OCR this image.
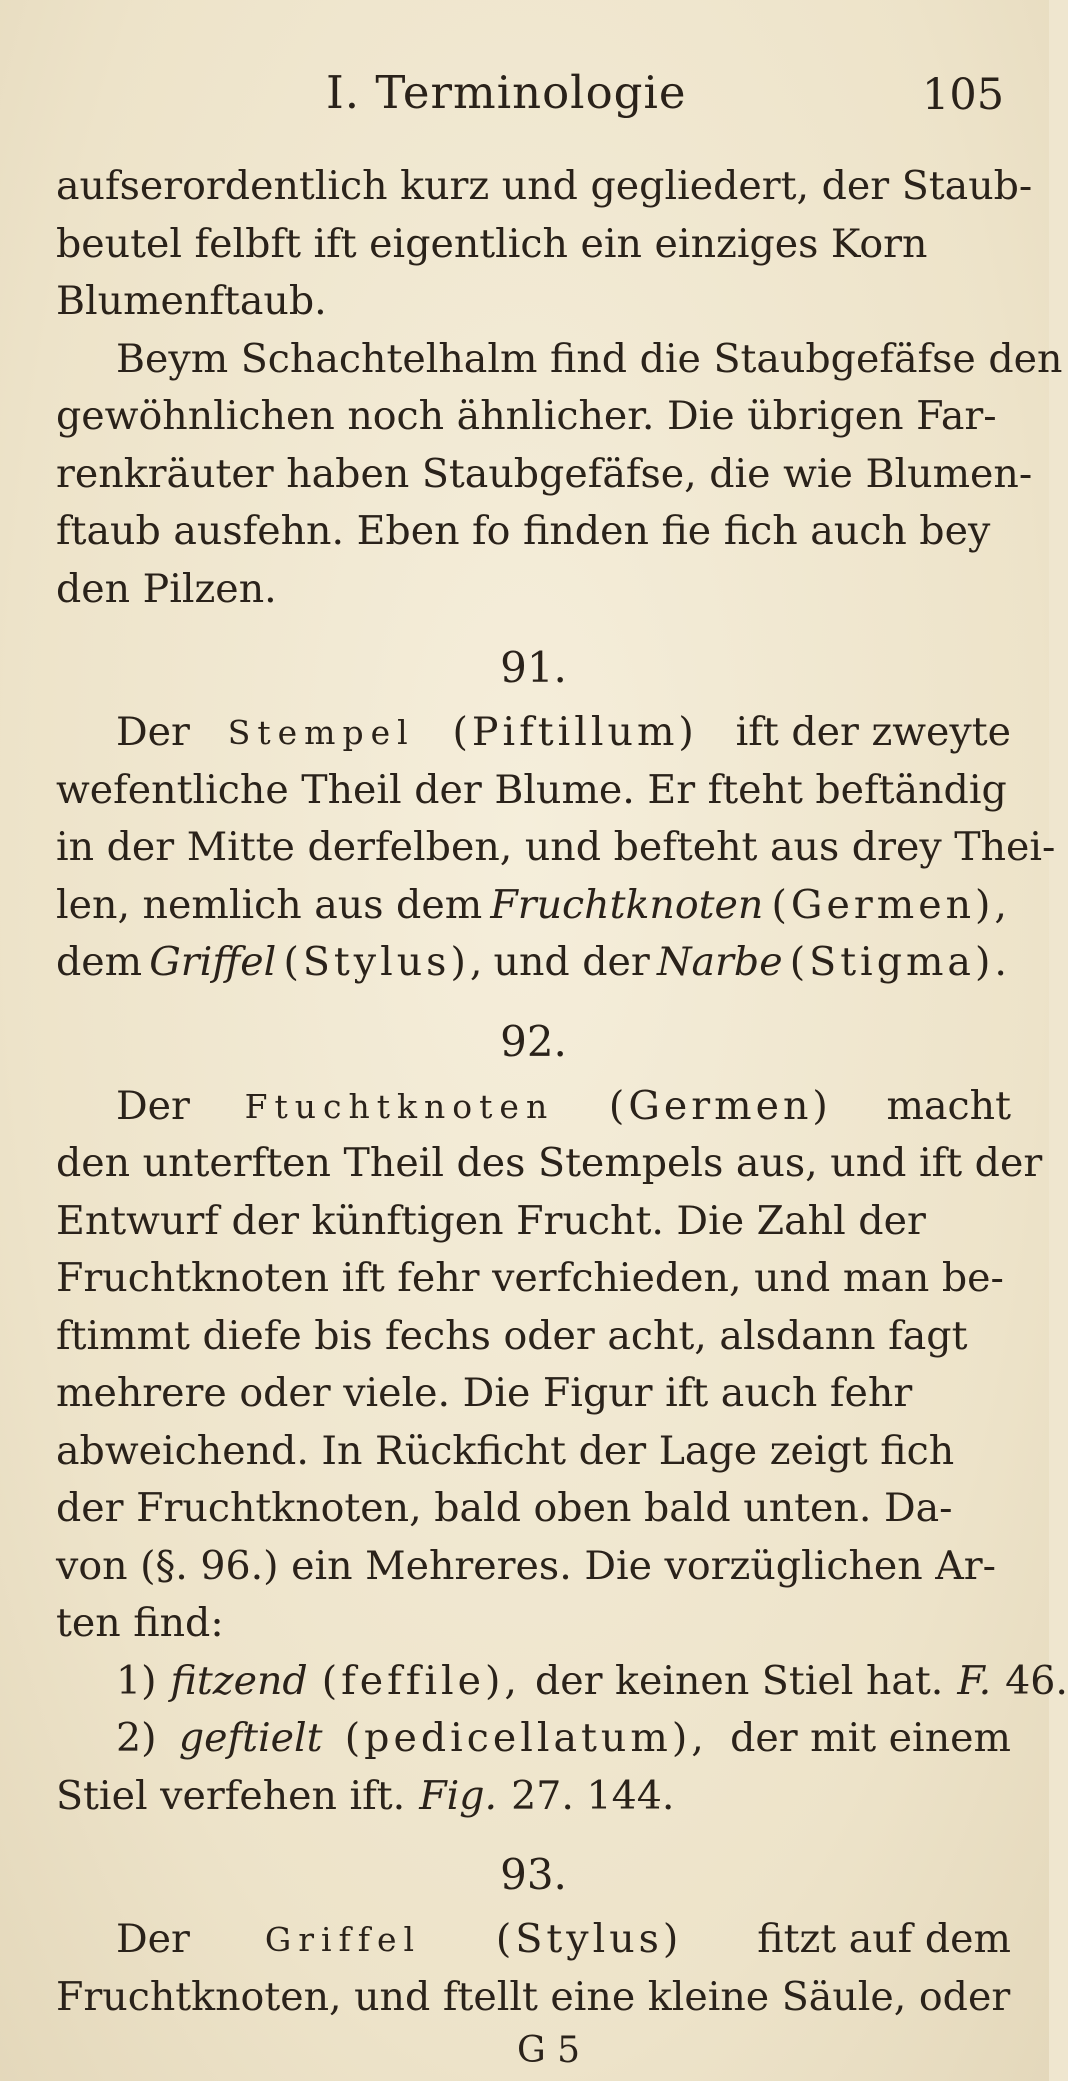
I. Terminologie	105
aufserordentlich kurz und gegliedert, der Staub-
beutel felbft ift eigentlich ein einziges Korn
Blumenftaub.
Beym Schachtelhalm find die Staubgefäfse den
gewöhnlichen noch ähnlicher. Die übrigen Far-
renkräuter haben Staubgefäfse, die wie Blumen-
ftaub ausfehn. Eben fo finden fie fich auch bey
den Pilzen.
91.
Der Stempel (Piftillum) ift der zweyte
wefentliche Theil der Blume. Er fteht beftändig
in der Mitte derfelben, und befteht aus drey Thei-
len, nemlich aus dem Fruchtknoten (Germen),
dem Griffel (Stylus), und der Narbe (Stigma).
92.
Der Ftuchtknoten (Germen) macht
den unterften Theil des Stempels aus, und ift der
Entwurf der künftigen Frucht. Die Zahl der
Fruchtknoten ift fehr verfchieden, und man be-
ftimmt diefe bis fechs oder acht, alsdann fagt
mehrere oder viele. Die Figur ift auch fehr
abweichend. In Rückficht der Lage zeigt fich
der Fruchtknoten, bald oben bald unten. Da-
von (§. 96.) ein Mehreres. Die vorzüglichen Ar-
ten find:
1) fitzend (feffile), der keinen Stiel hat. F. 46.
2) geftielt (pedicellatum), der mit einem
Stiel verfehen ift. Fig. 27. 144.
93.
Der Griffel (Stylus) fitzt auf dem
Fruchtknoten, und ftellt eine kleine Säule, oder
G 5
